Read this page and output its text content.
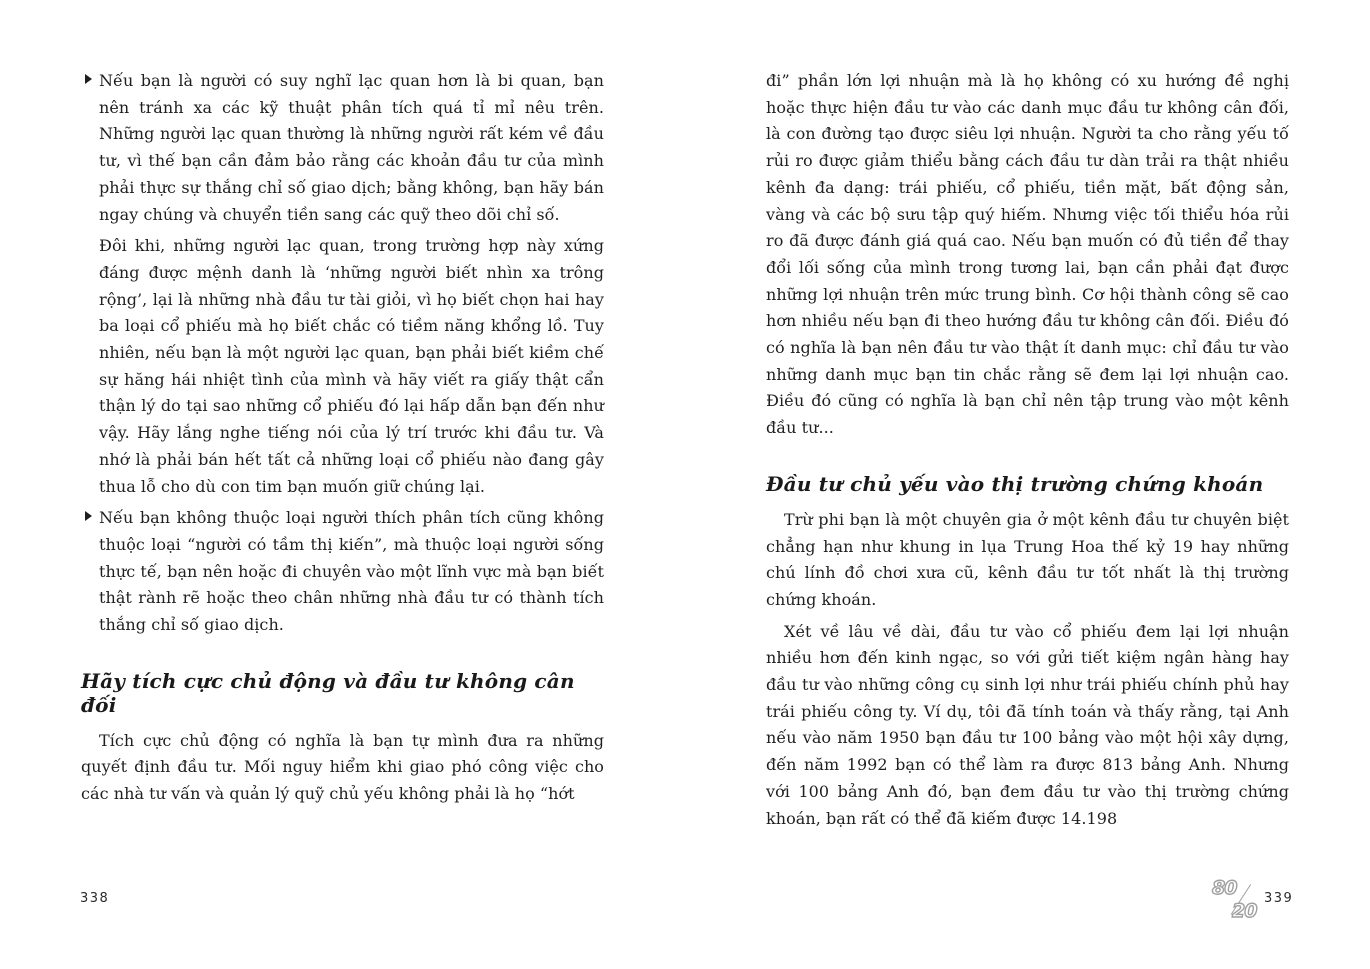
Nếu bạn là người có suy nghĩ lạc quan hơn là bi quan, bạn nên tránh xa các kỹ thuật phân tích quá tỉ mỉ nêu trên. Những người lạc quan thường là những người rất kém về đầu tư, vì thế bạn cần đảm bảo rằng các khoản đầu tư của mình phải thực sự thắng chỉ số giao dịch; bằng không, bạn hãy bán ngay chúng và chuyển tiền sang các quỹ theo dõi chỉ số.

Đôi khi, những người lạc quan, trong trường hợp này xứng đáng được mệnh danh là ‘những người biết nhìn xa trông rộng’, lại là những nhà đầu tư tài giỏi, vì họ biết chọn hai hay ba loại cổ phiếu mà họ biết chắc có tiềm năng khổng lồ. Tuy nhiên, nếu bạn là một người lạc quan, bạn phải biết kiềm chế sự hăng hái nhiệt tình của mình và hãy viết ra giấy thật cẩn thận lý do tại sao những cổ phiếu đó lại hấp dẫn bạn đến như vậy. Hãy lắng nghe tiếng nói của lý trí trước khi đầu tư. Và nhớ là phải bán hết tất cả những loại cổ phiếu nào đang gây thua lỗ cho dù con tim bạn muốn giữ chúng lại.

Nếu bạn không thuộc loại người thích phân tích cũng không thuộc loại “người có tầm thị kiến”, mà thuộc loại người sống thực tế, bạn nên hoặc đi chuyên vào một lĩnh vực mà bạn biết thật rành rẽ hoặc theo chân những nhà đầu tư có thành tích thắng chỉ số giao dịch.

Hãy tích cực chủ động và đầu tư không cân đối

Tích cực chủ động có nghĩa là bạn tự mình đưa ra những quyết định đầu tư. Mối nguy hiểm khi giao phó công việc cho các nhà tư vấn và quản lý quỹ chủ yếu không phải là họ “hớt

đi” phần lớn lợi nhuận mà là họ không có xu hướng đề nghị hoặc thực hiện đầu tư vào các danh mục đầu tư không cân đối, là con đường tạo được siêu lợi nhuận. Người ta cho rằng yếu tố rủi ro được giảm thiểu bằng cách đầu tư dàn trải ra thật nhiều kênh đa dạng: trái phiếu, cổ phiếu, tiền mặt, bất động sản, vàng và các bộ sưu tập quý hiếm. Nhưng việc tối thiểu hóa rủi ro đã được đánh giá quá cao. Nếu bạn muốn có đủ tiền để thay đổi lối sống của mình trong tương lai, bạn cần phải đạt được những lợi nhuận trên mức trung bình. Cơ hội thành công sẽ cao hơn nhiều nếu bạn đi theo hướng đầu tư không cân đối. Điều đó có nghĩa là bạn nên đầu tư vào thật ít danh mục: chỉ đầu tư vào những danh mục bạn tin chắc rằng sẽ đem lại lợi nhuận cao. Điều đó cũng có nghĩa là bạn chỉ nên tập trung vào một kênh đầu tư...

Đầu tư chủ yếu vào thị trường chứng khoán

Trừ phi bạn là một chuyên gia ở một kênh đầu tư chuyên biệt chẳng hạn như khung in lụa Trung Hoa thế kỷ 19 hay những chú lính đồ chơi xưa cũ, kênh đầu tư tốt nhất là thị trường chứng khoán.

Xét về lâu về dài, đầu tư vào cổ phiếu đem lại lợi nhuận nhiều hơn đến kinh ngạc, so với gửi tiết kiệm ngân hàng hay đầu tư vào những công cụ sinh lợi như trái phiếu chính phủ hay trái phiếu công ty. Ví dụ, tôi đã tính toán và thấy rằng, tại Anh nếu vào năm 1950 bạn đầu tư 100 bảng vào một hội xây dựng, đến năm 1992 bạn có thể làm ra được 813 bảng Anh. Nhưng với 100 bảng Anh đó, bạn đem đầu tư vào thị trường chứng khoán, bạn rất có thể đã kiếm được 14.198

338	80
20
339
